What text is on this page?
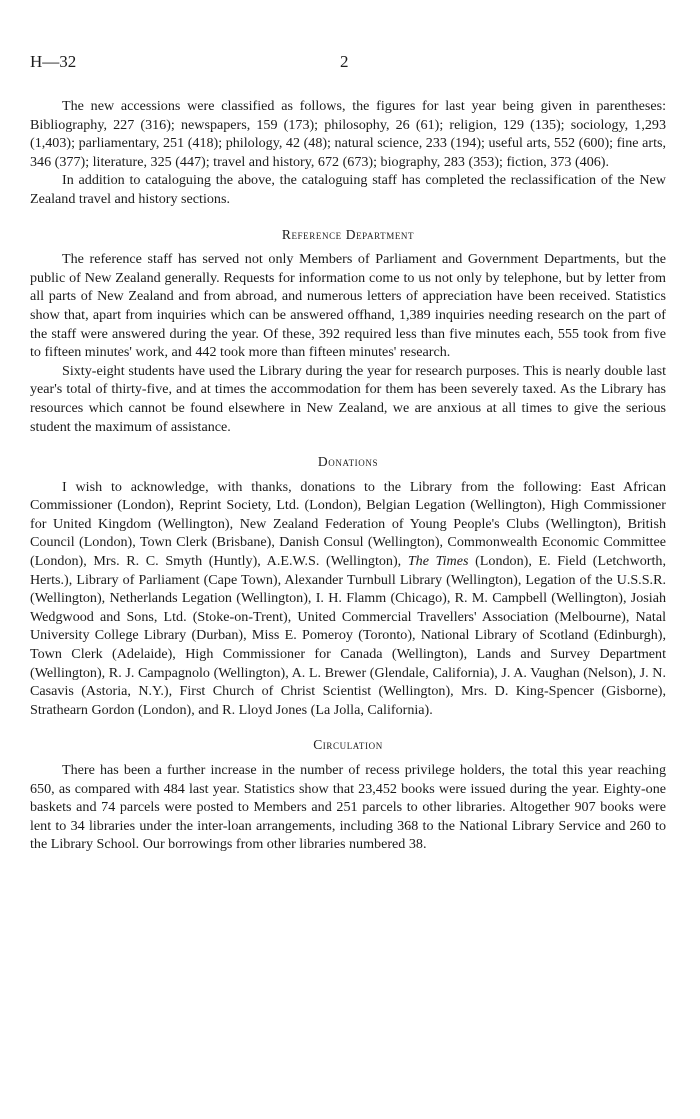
H—32	2

The new accessions were classified as follows, the figures for last year being given in parentheses: Bibliography, 227 (316); newspapers, 159 (173); philosophy, 26 (61); religion, 129 (135); sociology, 1,293 (1,403); parliamentary, 251 (418); philology, 42 (48); natural science, 233 (194); useful arts, 552 (600); fine arts, 346 (377); literature, 325 (447); travel and history, 672 (673); biography, 283 (353); fiction, 373 (406).

In addition to cataloguing the above, the cataloguing staff has completed the reclassification of the New Zealand travel and history sections.

Reference Department

The reference staff has served not only Members of Parliament and Government Departments, but the public of New Zealand generally. Requests for information come to us not only by telephone, but by letter from all parts of New Zealand and from abroad, and numerous letters of appreciation have been received. Statistics show that, apart from inquiries which can be answered offhand, 1,389 inquiries needing research on the part of the staff were answered during the year. Of these, 392 required less than five minutes each, 555 took from five to fifteen minutes' work, and 442 took more than fifteen minutes' research.

Sixty-eight students have used the Library during the year for research purposes. This is nearly double last year's total of thirty-five, and at times the accommodation for them has been severely taxed. As the Library has resources which cannot be found elsewhere in New Zealand, we are anxious at all times to give the serious student the maximum of assistance.

Donations

I wish to acknowledge, with thanks, donations to the Library from the following: East African Commissioner (London), Reprint Society, Ltd. (London), Belgian Legation (Wellington), High Commissioner for United Kingdom (Wellington), New Zealand Federation of Young People's Clubs (Wellington), British Council (London), Town Clerk (Brisbane), Danish Consul (Wellington), Commonwealth Economic Committee (London), Mrs. R. C. Smyth (Huntly), A.E.W.S. (Wellington), The Times (London), E. Field (Letchworth, Herts.), Library of Parliament (Cape Town), Alexander Turnbull Library (Wellington), Legation of the U.S.S.R. (Wellington), Netherlands Legation (Wellington), I. H. Flamm (Chicago), R. M. Campbell (Wellington), Josiah Wedgwood and Sons, Ltd. (Stoke-on-Trent), United Commercial Travellers' Association (Melbourne), Natal University College Library (Durban), Miss E. Pomeroy (Toronto), National Library of Scotland (Edinburgh), Town Clerk (Adelaide), High Commissioner for Canada (Wellington), Lands and Survey Department (Wellington), R. J. Campagnolo (Wellington), A. L. Brewer (Glendale, California), J. A. Vaughan (Nelson), J. N. Casavis (Astoria, N.Y.), First Church of Christ Scientist (Wellington), Mrs. D. King-Spencer (Gisborne), Strathearn Gordon (London), and R. Lloyd Jones (La Jolla, California).

Circulation

There has been a further increase in the number of recess privilege holders, the total this year reaching 650, as compared with 484 last year. Statistics show that 23,452 books were issued during the year. Eighty-one baskets and 74 parcels were posted to Members and 251 parcels to other libraries. Altogether 907 books were lent to 34 libraries under the inter-loan arrangements, including 368 to the National Library Service and 260 to the Library School. Our borrowings from other libraries numbered 38.
